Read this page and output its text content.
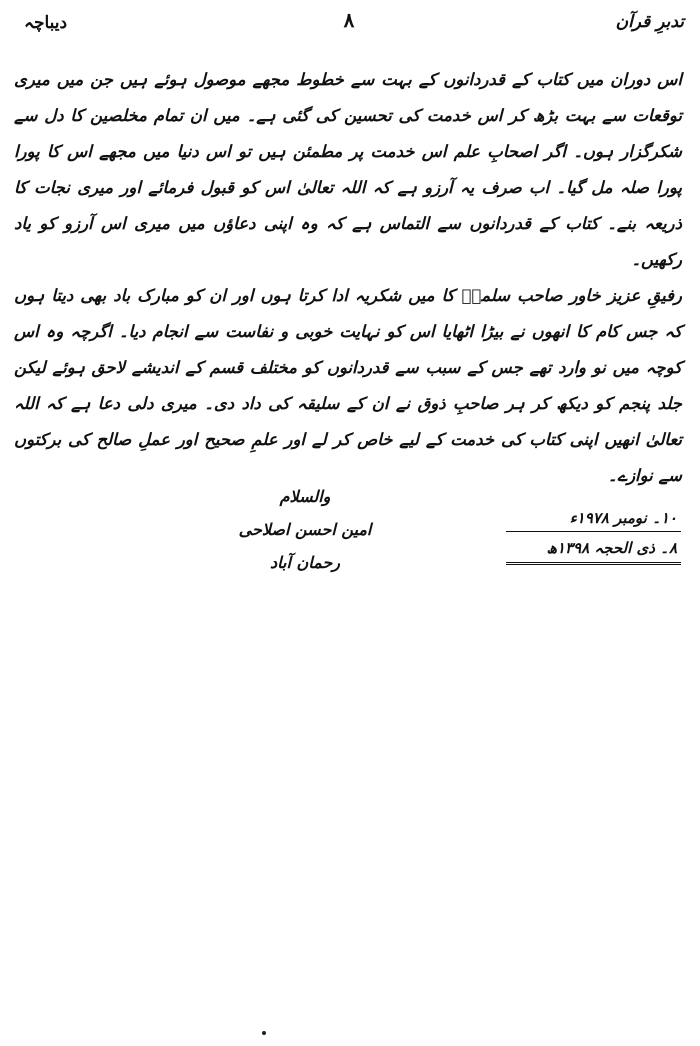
دیباچہ	۸	تدبرِ قرآن

اس دوران میں کتاب کے قدردانوں کے بہت سے خطوط مجھے موصول ہوئے ہیں جن میں میری توقعات سے بہت بڑھ کر اس خدمت کی تحسین کی گئی ہے۔ میں ان تمام مخلصین کا دل سے شکرگزار ہوں۔ اگر اصحابِ علم اس خدمت پر مطمئن ہیں تو اس دنیا میں مجھے اس کا پورا پورا صلہ مل گیا۔ اب صرف یہ آرزو ہے کہ اللہ تعالیٰ اس کو قبول فرمائے اور میری نجات کا ذریعہ بنے۔ کتاب کے قدردانوں سے التماس ہے کہ وہ اپنی دعاؤں میں میری اس آرزو کو یاد رکھیں۔

رفیقِ عزیز خاور صاحب سلمہٗ کا میں شکریہ ادا کرتا ہوں اور ان کو مبارک باد بھی دیتا ہوں کہ جس کام کا انھوں نے بیڑا اٹھایا اس کو نہایت خوبی و نفاست سے انجام دیا۔ اگرچہ وہ اس کوچہ میں نو وارد تھے جس کے سبب سے قدردانوں کو مختلف قسم کے اندیشے لاحق ہوئے لیکن جلد پنجم کو دیکھ کر ہر صاحبِ ذوق نے ان کے سلیقہ کی داد دی۔ میری دلی دعا ہے کہ اللہ تعالیٰ انھیں اپنی کتاب کی خدمت کے لیے خاص کر لے اور علمِ صحیح اور عملِ صالح کی برکتوں سے نوازے۔

والسلام
امین احسن اصلاحی
رحمان آباد
۱۰۔ نومبر ۱۹۷۸ء
۸۔ ذی الحجہ ۱۳۹۸ھ
